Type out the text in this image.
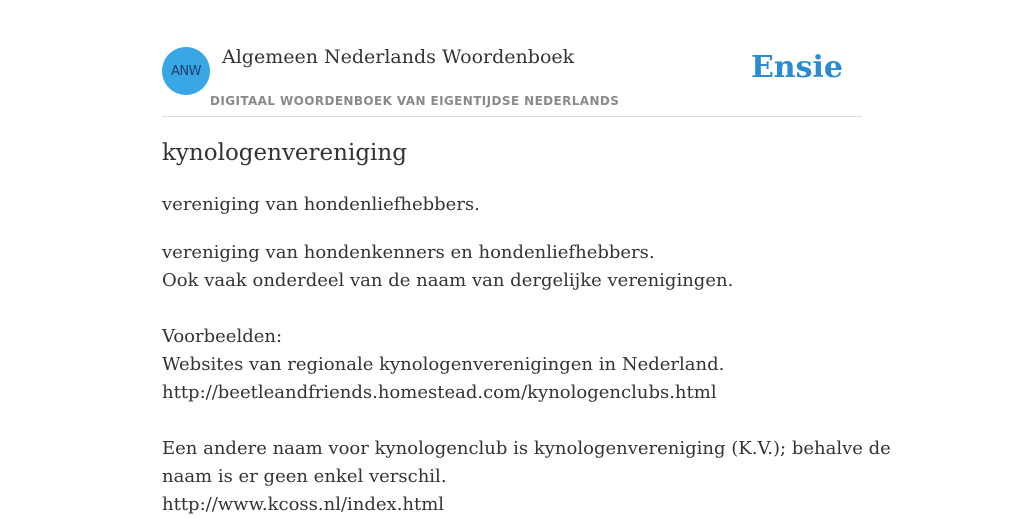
ANW
Algemeen Nederlands Woordenboek
DIGITAAL WOORDENBOEK VAN EIGENTIJDSE NEDERLANDS
Ensie
kynologenvereniging
vereniging van hondenliefhebbers.
vereniging van hondenkenners en hondenliefhebbers.
Ook vaak onderdeel van de naam van dergelijke verenigingen.
Voorbeelden:
Websites van regionale kynologenverenigingen in Nederland.
http://beetleandfriends.homestead.com/kynologenclubs.html
Een andere naam voor kynologenclub is kynologenvereniging (K.V.); behalve de
naam is er geen enkel verschil.
http://www.kcoss.nl/index.html
